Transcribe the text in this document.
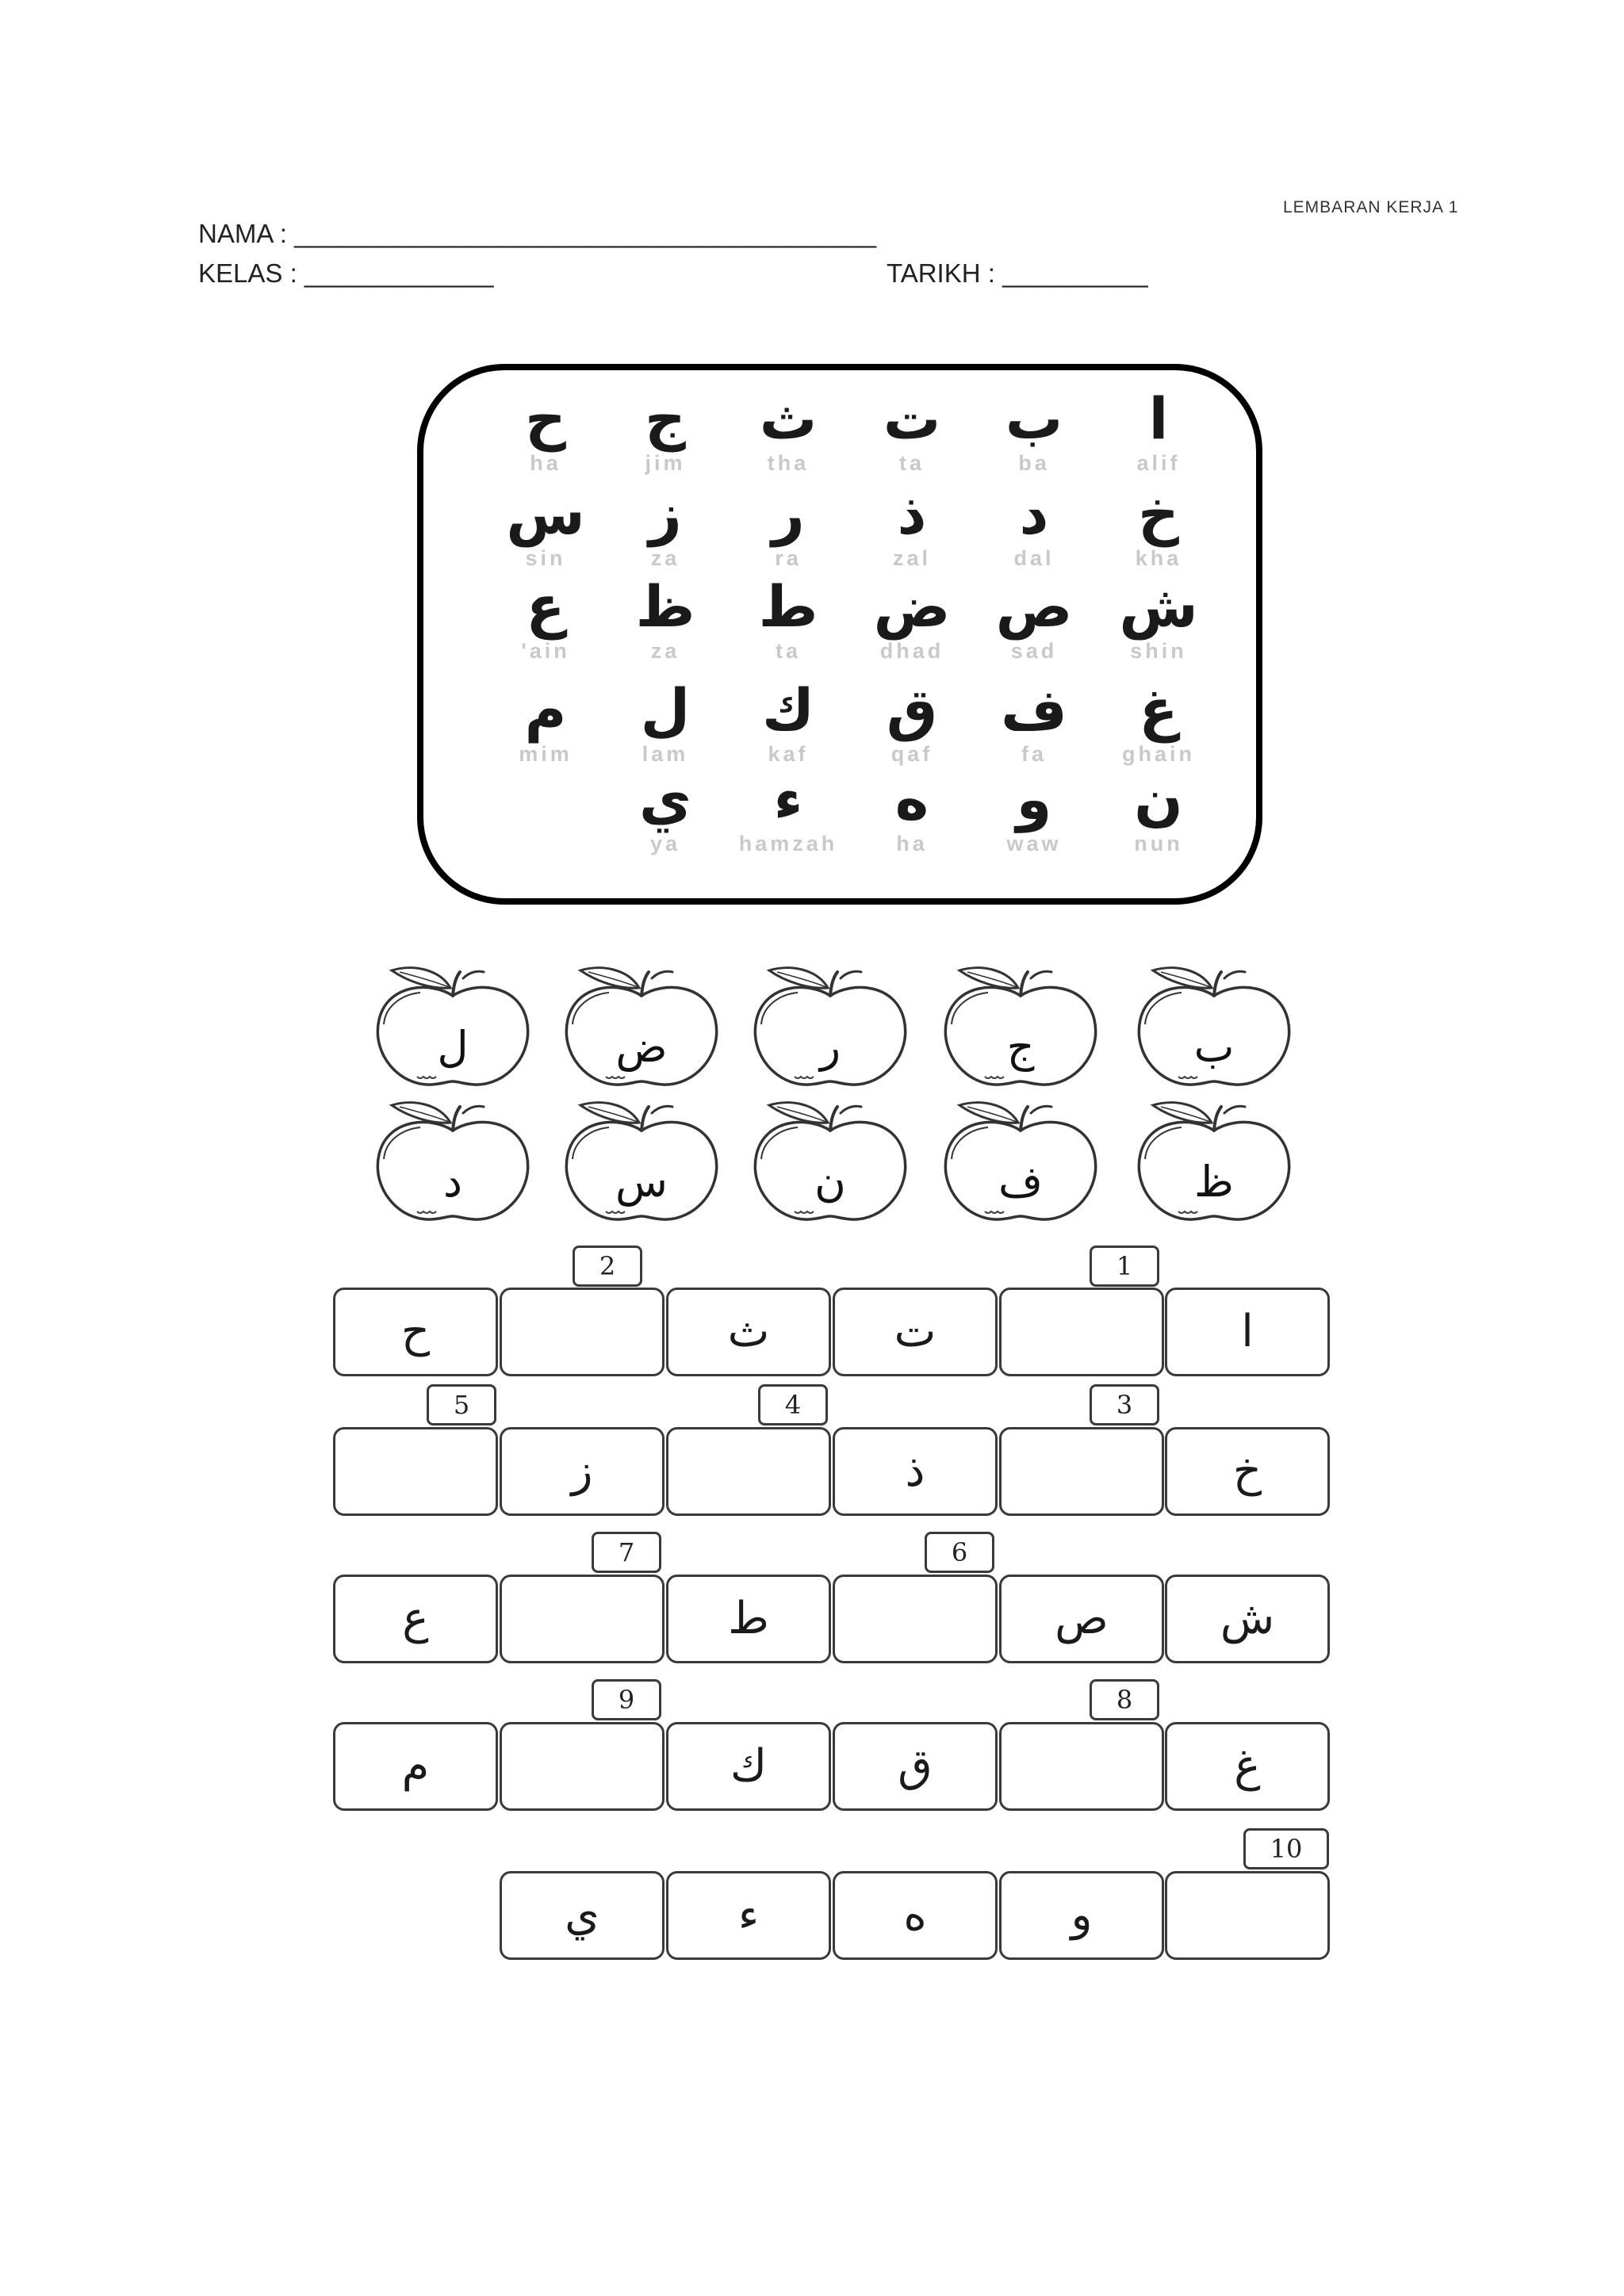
LEMBARAN KERJA 1
NAMA : ________________________________________
KELAS : _____________	TARIKH : __________
ا
alif
ب
ba
ت
ta
ث
tha
ج
jim
ح
ha
خ
kha
د
dal
ذ
zal
ر
ra
ز
za
س
sin
ش
shin
ص
sad
ض
dhad
ط
ta
ظ
za
ع
'ain
غ
ghain
ف
fa
ق
qaf
ك
kaf
ل
lam
م
mim
ن
nun
و
waw
ه
ha
ء
hamzah
ي
ya
ب
ج
ر
ض
ل
ظ
ف
ن
س
د
ا
ت
ث
ح
خ
ذ
ز
ش
ص
ط
ع
غ
ق
ك
م
و
ه
ء
ي
1
2
3
4
5
6
7
8
9
10
